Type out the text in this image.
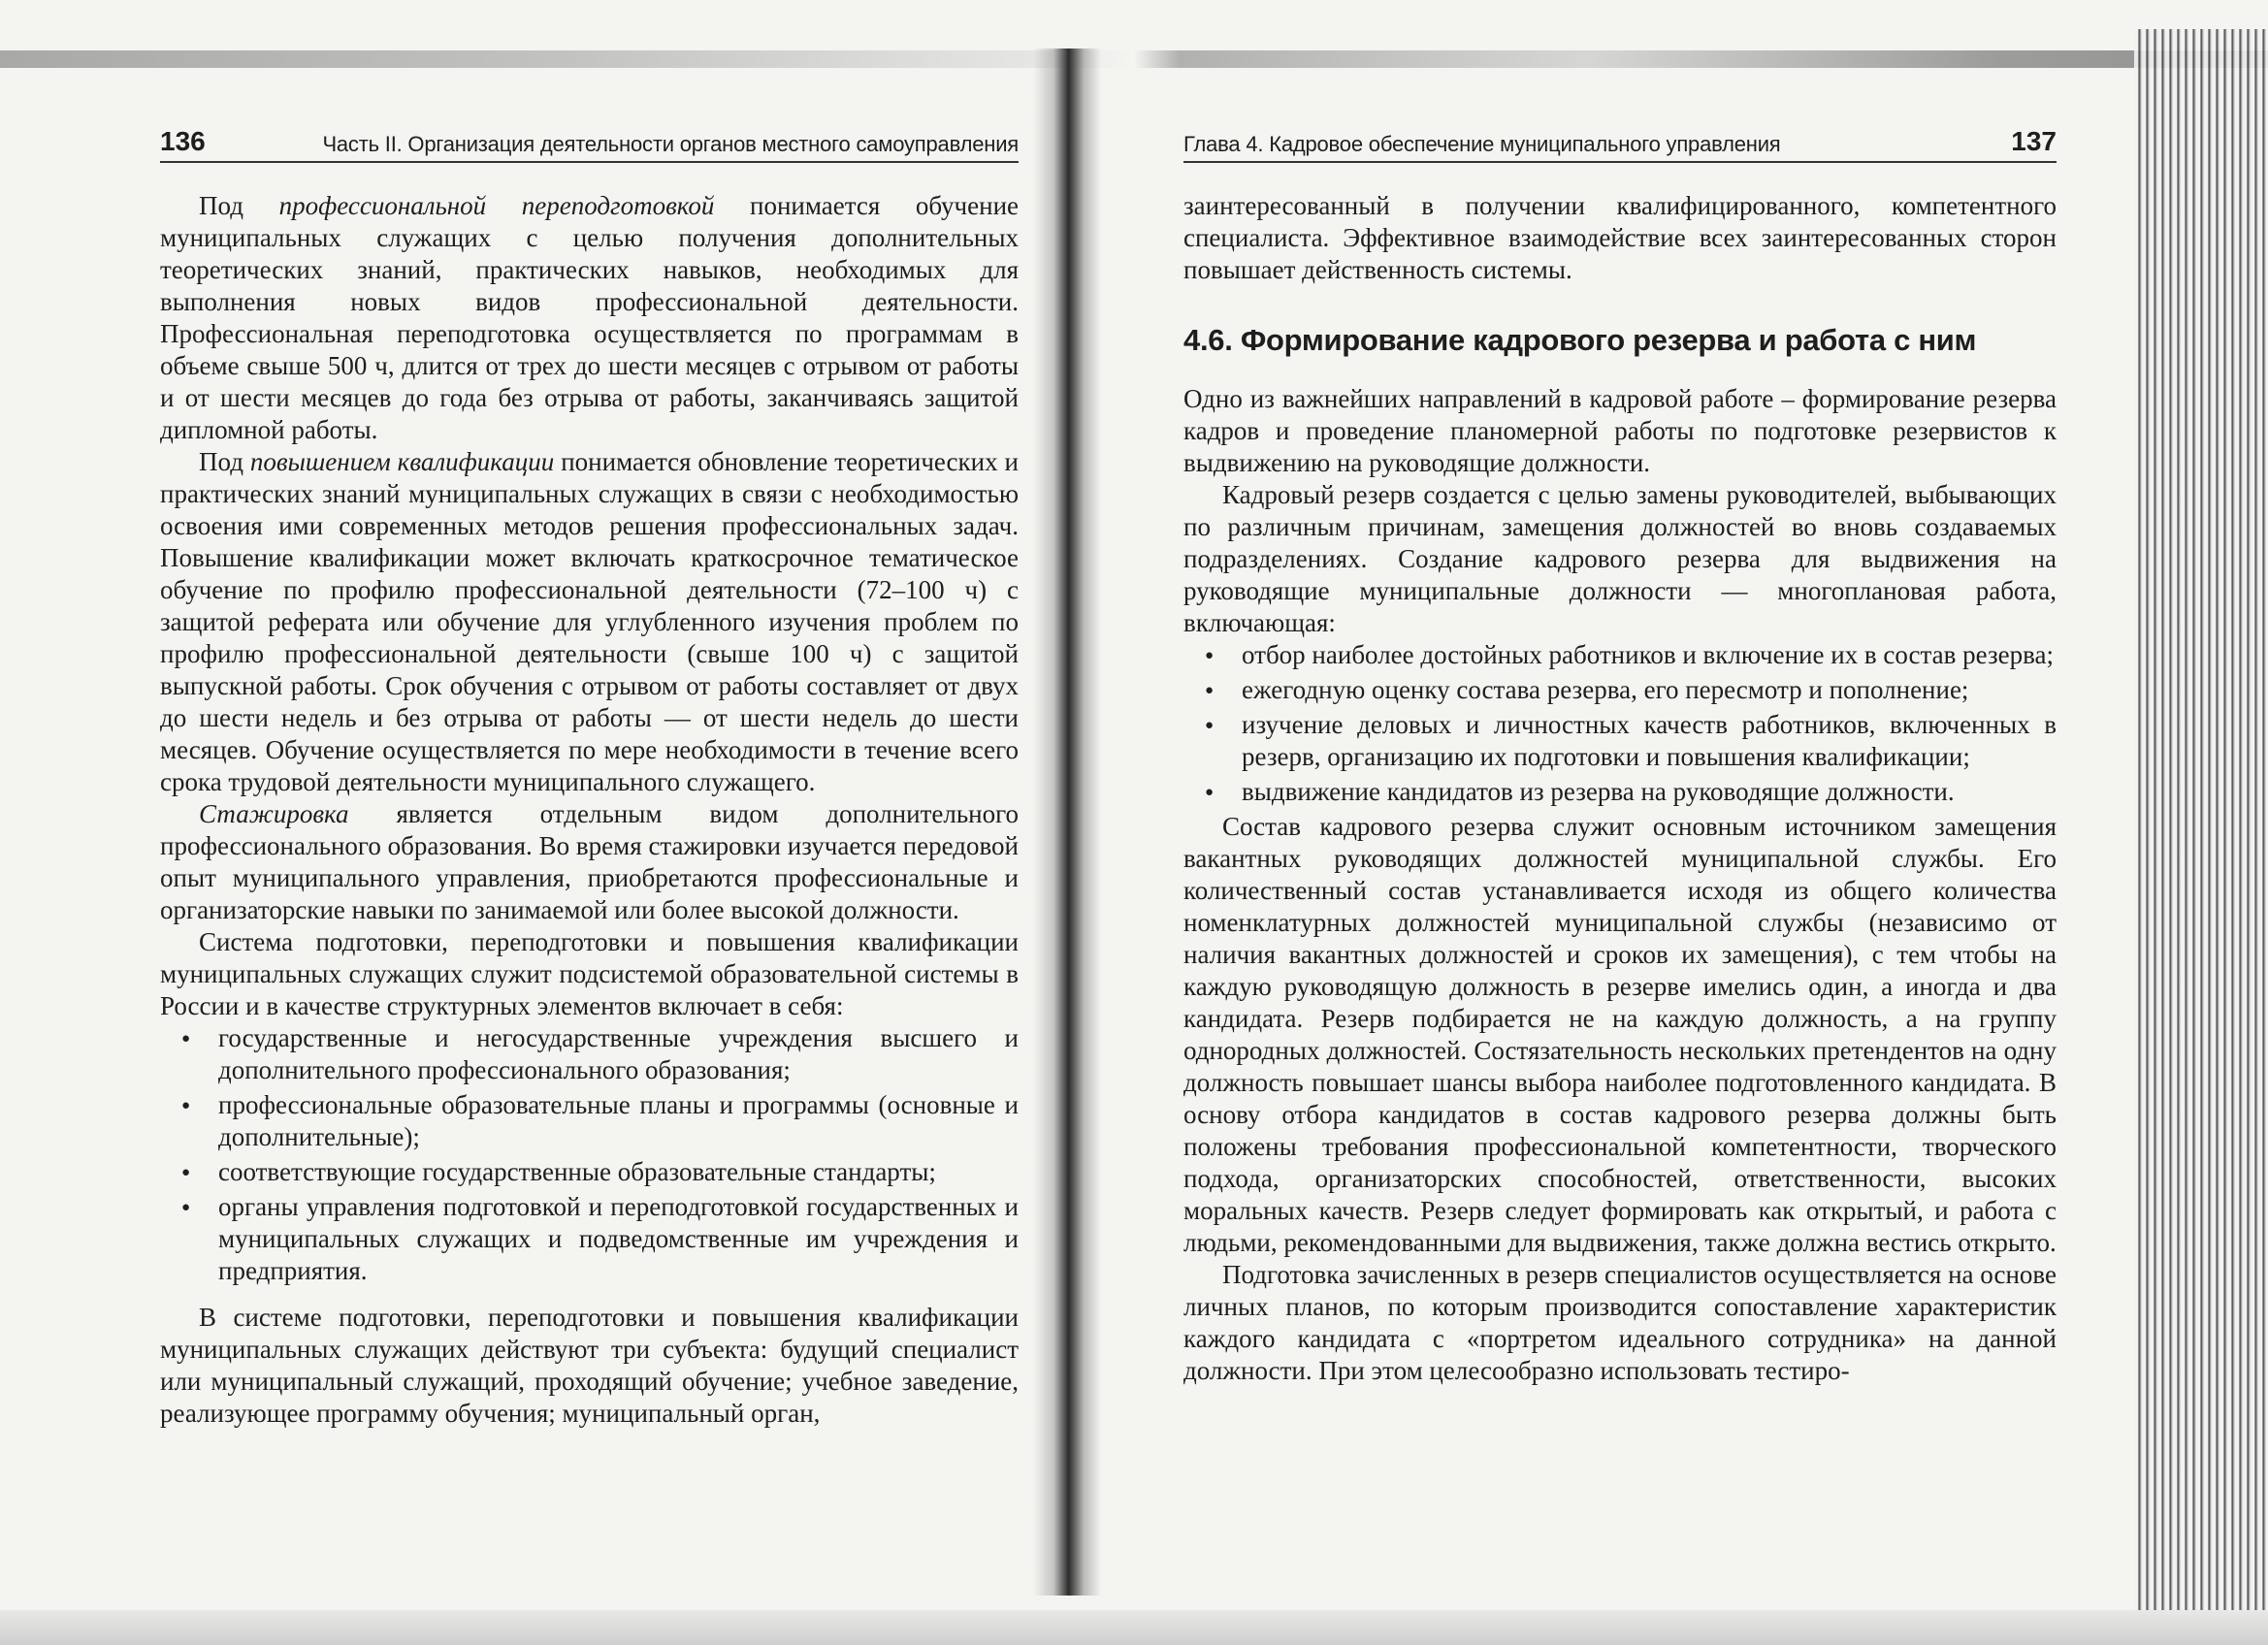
136	Часть II. Организация деятельности органов местного самоуправления

Под профессиональной переподготовкой понимается обучение муниципальных служащих с целью получения дополнительных теоретических знаний, практических навыков, необходимых для выполнения новых видов профессиональной деятельности. Профессиональная переподготовка осуществляется по программам в объеме свыше 500 ч, длится от трех до шести месяцев с отрывом от работы и от шести месяцев до года без отрыва от работы, заканчиваясь защитой дипломной работы.

Под повышением квалификации понимается обновление теоретических и практических знаний муниципальных служащих в связи с необходимостью освоения ими современных методов решения профессиональных задач. Повышение квалификации может включать краткосрочное тематическое обучение по профилю профессиональной деятельности (72–100 ч) с защитой реферата или обучение для углубленного изучения проблем по профилю профессиональной деятельности (свыше 100 ч) с защитой выпускной работы. Срок обучения с отрывом от работы составляет от двух до шести недель и без отрыва от работы — от шести недель до шести месяцев. Обучение осуществляется по мере необходимости в течение всего срока трудовой деятельности муниципального служащего.

Стажировка является отдельным видом дополнительного профессионального образования. Во время стажировки изучается передовой опыт муниципального управления, приобретаются профессиональные и организаторские навыки по занимаемой или более высокой должности.

Система подготовки, переподготовки и повышения квалификации муниципальных служащих служит подсистемой образовательной системы в России и в качестве структурных элементов включает в себя:

● государственные и негосударственные учреждения высшего и дополнительного профессионального образования;
● профессиональные образовательные планы и программы (основные и дополнительные);
● соответствующие государственные образовательные стандарты;
● органы управления подготовкой и переподготовкой государственных и муниципальных служащих и подведомственные им учреждения и предприятия.

В системе подготовки, переподготовки и повышения квалификации муниципальных служащих действуют три субъекта: будущий специалист или муниципальный служащий, проходящий обучение; учебное заведение, реализующее программу обучения; муниципальный орган,

Глава 4. Кадровое обеспечение муниципального управления	137

заинтересованный в получении квалифицированного, компетентного специалиста. Эффективное взаимодействие всех заинтересованных сторон повышает действенность системы.

4.6. Формирование кадрового резерва и работа с ним

Одно из важнейших направлений в кадровой работе – формирование резерва кадров и проведение планомерной работы по подготовке резервистов к выдвижению на руководящие должности.

Кадровый резерв создается с целью замены руководителей, выбывающих по различным причинам, замещения должностей во вновь создаваемых подразделениях. Создание кадрового резерва для выдвижения на руководящие муниципальные должности — многоплановая работа, включающая:

● отбор наиболее достойных работников и включение их в состав резерва;
● ежегодную оценку состава резерва, его пересмотр и пополнение;
● изучение деловых и личностных качеств работников, включенных в резерв, организацию их подготовки и повышения квалификации;
● выдвижение кандидатов из резерва на руководящие должности.

Состав кадрового резерва служит основным источником замещения вакантных руководящих должностей муниципальной службы. Его количественный состав устанавливается исходя из общего количества номенклатурных должностей муниципальной службы (независимо от наличия вакантных должностей и сроков их замещения), с тем чтобы на каждую руководящую должность в резерве имелись один, а иногда и два кандидата. Резерв подбирается не на каждую должность, а на группу однородных должностей. Состязательность нескольких претендентов на одну должность повышает шансы выбора наиболее подготовленного кандидата. В основу отбора кандидатов в состав кадрового резерва должны быть положены требования профессиональной компетентности, творческого подхода, организаторских способностей, ответственности, высоких моральных качеств. Резерв следует формировать как открытый, и работа с людьми, рекомендованными для выдвижения, также должна вестись открыто.

Подготовка зачисленных в резерв специалистов осуществляется на основе личных планов, по которым производится сопоставление характеристик каждого кандидата с «портретом идеального сотрудника» на данной должности. При этом целесообразно использовать тестиро-
